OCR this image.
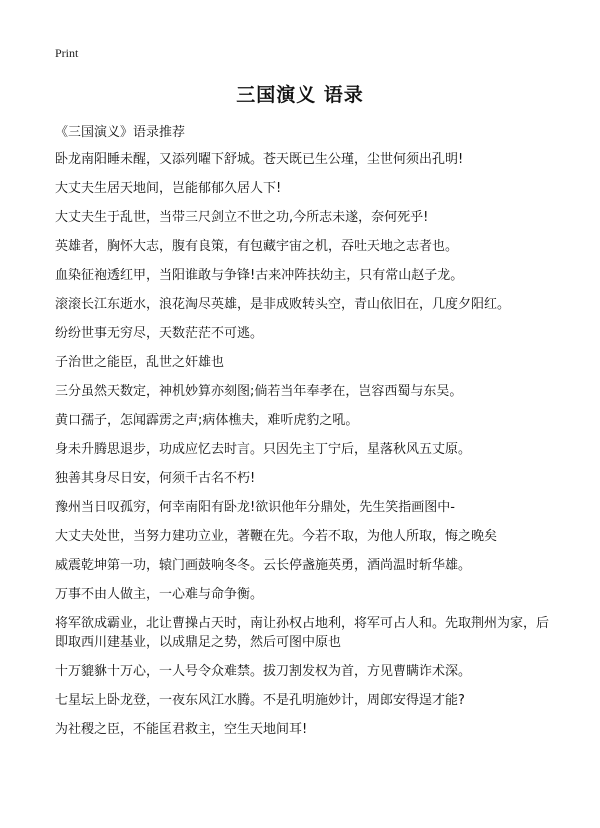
Print
三国演义 语录
《三国演义》语录推荐
卧龙南阳睡未醒，又添列曜下舒城。苍天既已生公瑾，尘世何须出孔明!
大丈夫生居天地间，岂能郁郁久居人下!
大丈夫生于乱世，当带三尺剑立不世之功,今所志未遂，奈何死乎!
英雄者，胸怀大志，腹有良策，有包藏宇宙之机，吞吐天地之志者也。
血染征袍透红甲，当阳谁敢与争锋!古来冲阵扶幼主，只有常山赵子龙。
滚滚长江东逝水，浪花淘尽英雄，是非成败转头空，青山依旧在，几度夕阳红。
纷纷世事无穷尽，天数茫茫不可逃。
子治世之能臣，乱世之奸雄也
三分虽然天数定，神机妙算亦刻图;倘若当年奉孝在，岂容西蜀与东吴。
黄口孺子，怎闻霹雳之声;病体樵夫，难听虎豹之吼。
身未升腾思退步，功成应忆去时言。只因先主丁宁后，星落秋风五丈原。
独善其身尽日安，何须千古名不朽!
豫州当日叹孤穷，何幸南阳有卧龙!欲识他年分鼎处，先生笑指画图中-
大丈夫处世，当努力建功立业，著鞭在先。今若不取，为他人所取，悔之晚矣
威震乾坤第一功，辕门画鼓响冬冬。云长停盏施英勇，酒尚温时斩华雄。
万事不由人做主，一心难与命争衡。
将军欲成霸业，北让曹操占天时，南让孙权占地利，将军可占人和。先取荆州为家，后即取西川建基业，以成鼎足之势，然后可图中原也
十万貔貅十万心，一人号令众难禁。拔刀割发权为首，方见曹瞒诈术深。
七星坛上卧龙登，一夜东风江水腾。不是孔明施妙计，周郎安得逞才能?
为社稷之臣，不能匡君救主，空生天地间耳!
